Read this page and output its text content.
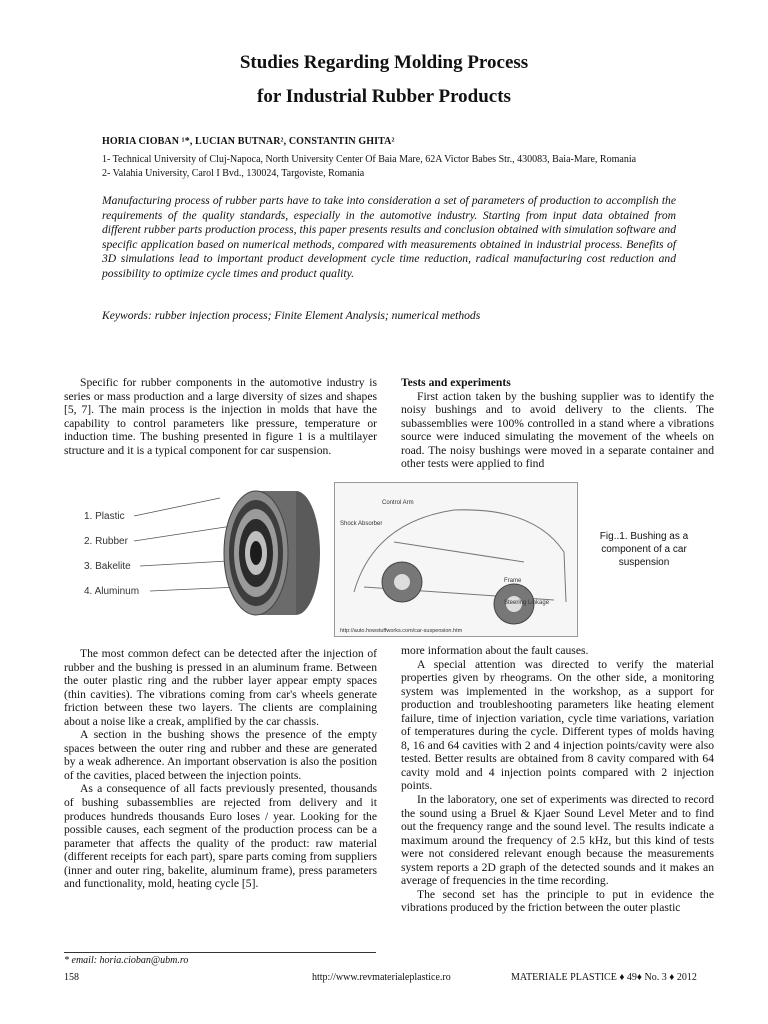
Studies Regarding Molding Process
for Industrial Rubber Products
HORIA CIOBAN ¹*, LUCIAN BUTNAR², CONSTANTIN GHITA²
1- Technical University of Cluj-Napoca, North University Center Of Baia Mare, 62A Victor Babes Str., 430083, Baia-Mare, Romania
2- Valahia University, Carol I Bvd., 130024, Targoviste, Romania

Manufacturing process of rubber parts have to take into consideration a set of parameters of production to accomplish the requirements of the quality standards, especially in the automotive industry. Starting from input data obtained from different rubber parts production process, this paper presents results and conclusion obtained with simulation software and specific application based on numerical methods, compared with measurements obtained in industrial process. Benefits of 3D simulations lead to important product development cycle time reduction, radical manufacturing cost reduction and possibility to optimize cycle times and product quality.

Keywords: rubber injection process; Finite Element Analysis; numerical methods

Specific for rubber components in the automotive industry is series or mass production and a large diversity of sizes and shapes [5, 7]. The main process is the injection in molds that have the capability to control parameters like pressure, temperature or induction time. The bushing presented in figure 1 is a multilayer structure and it is a typical component for car suspension.

Tests and experiments

First action taken by the bushing supplier was to identify the noisy bushings and to avoid delivery to the clients. The subassemblies were 100% controlled in a stand where a vibrations source were induced simulating the movement of the wheels on road. The noisy bushings were moved in a separate container and other tests were applied to find

1. Plastic
2. Rubber
3. Bakelite
4. Aluminum
Control Arm
Shock Absorber
Frame
Steering Linkage
http://auto.howstuffworks.com/car-suspension.htm
Fig..1. Bushing as a component of a car suspension

The most common defect can be detected after the injection of rubber and the bushing is pressed in an aluminum frame. Between the outer plastic ring and the rubber layer appear empty spaces (thin cavities). The vibrations coming from car's wheels generate friction between these two layers. The clients are complaining about a noise like a creak, amplified by the car chassis.

A section in the bushing shows the presence of the empty spaces between the outer ring and rubber and these are generated by a weak adherence. An important observation is also the position of the cavities, placed between the injection points.

As a consequence of all facts previously presented, thousands of bushing subassemblies are rejected from delivery and it produces hundreds thousands Euro loses / year. Looking for the possible causes, each segment of the production process can be a parameter that affects the quality of the product: raw material (different receipts for each part), spare parts coming from suppliers (inner and outer ring, bakelite, aluminum frame), press parameters and functionality, mold, heating cycle [5].

more information about the fault causes.

A special attention was directed to verify the material properties given by rheograms. On the other side, a monitoring system was implemented in the workshop, as a support for production and troubleshooting parameters like heating element failure, time of injection variation, cycle time variations, variation of temperatures during the cycle. Different types of molds having 8, 16 and 64 cavities with 2 and 4 injection points/cavity were also tested. Better results are obtained from 8 cavity compared with 64 cavity mold and 4 injection points compared with 2 injection points.

In the laboratory, one set of experiments was directed to record the sound using a Bruel & Kjaer Sound Level Meter and to find out the frequency range and the sound level. The results indicate a maximum around the frequency of 2.5 kHz, but this kind of tests were not considered relevant enough because the measurements system reports a 2D graph of the detected sounds and it makes an average of frequencies in the time recording.

The second set has the principle to put in evidence the vibrations produced by the friction between the outer plastic

* email: horia.cioban@ubm.ro
158	http://www.revmaterialeplastice.ro	MATERIALE PLASTICE ♦ 49♦ No. 3 ♦ 2012
